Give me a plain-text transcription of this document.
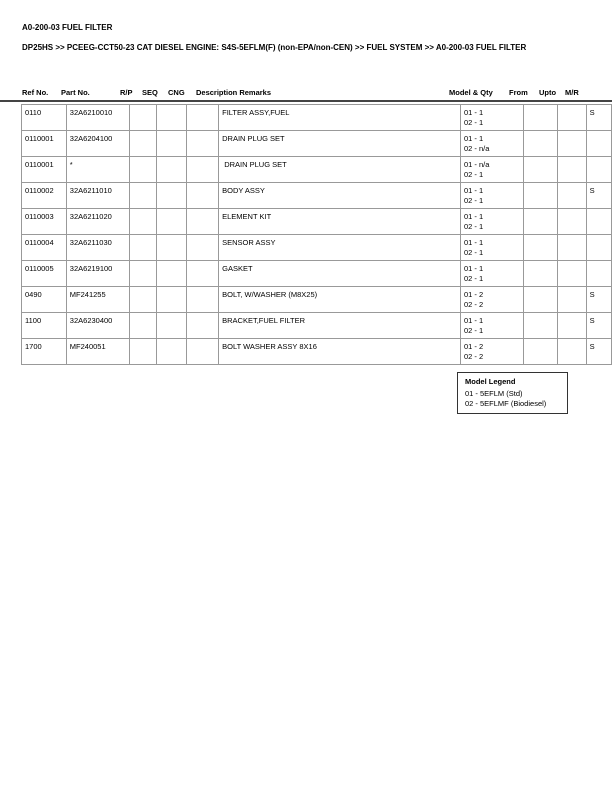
A0-200-03 FUEL FILTER
DP25HS >> PCEEG-CCT50-23 CAT DIESEL ENGINE: S4S-5EFLM(F) (non-EPA/non-CEN) >> FUEL SYSTEM >> A0-200-03 FUEL FILTER
Ref No. Part No.	R/P SEQ CNG Description Remarks	Model & Qty From Upto M/R
0110	32A6210010				FILTER ASSY,FUEL	01 - 1
02 - 1			S
0110001	32A6204100				DRAIN PLUG SET	01 - 1
02 - n/a			

0110001	*				DRAIN PLUG SET	01 - n/a
02 - 1			

0110002	32A6211010				BODY ASSY	01 - 1
02 - 1			S
0110003	32A6211020				ELEMENT KIT	01 - 1
02 - 1			

0110004	32A6211030				SENSOR ASSY	01 - 1
02 - 1			

0110005	32A6219100				GASKET	01 - 1
02 - 1			

0490	MF241255				BOLT, W/WASHER (M8X25)	01 - 2
02 - 2			S
1100	32A6230400				BRACKET,FUEL FILTER	01 - 1
02 - 1			S
1700	MF240051				BOLT WASHER ASSY 8X16	01 - 2
02 - 2			S
Model Legend
01 - 5EFLM (Std)
02 - 5EFLMF (Biodiesel)
